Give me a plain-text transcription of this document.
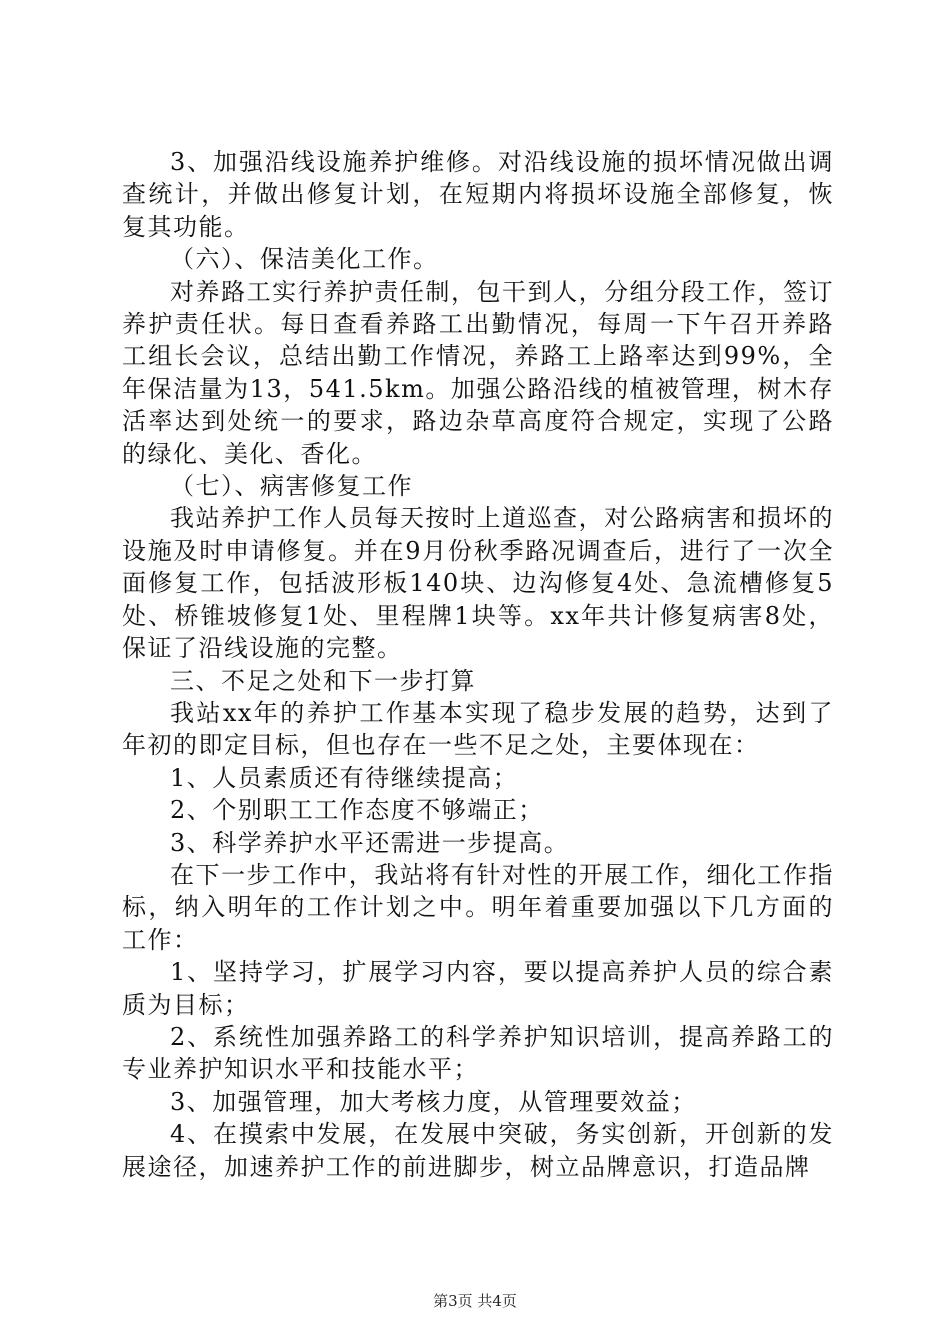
3、加强沿线设施养护维修。对沿线设施的损坏情况做出调查统计，并做出修复计划，在短期内将损坏设施全部修复，恢复其功能。

（六）、保洁美化工作。

对养路工实行养护责任制，包干到人，分组分段工作，签订养护责任状。每日查看养路工出勤情况，每周一下午召开养路工组长会议，总结出勤工作情况，养路工上路率达到99%，全年保洁量为13，541.5km。加强公路沿线的植被管理，树木存活率达到处统一的要求，路边杂草高度符合规定，实现了公路的绿化、美化、香化。

（七）、病害修复工作

我站养护工作人员每天按时上道巡查，对公路病害和损坏的设施及时申请修复。并在9月份秋季路况调查后，进行了一次全面修复工作，包括波形板140块、边沟修复4处、急流槽修复5处、桥锥坡修复1处、里程牌1块等。xx年共计修复病害8处，保证了沿线设施的完整。

三、不足之处和下一步打算

我站xx年的养护工作基本实现了稳步发展的趋势，达到了年初的即定目标，但也存在一些不足之处，主要体现在：

1、人员素质还有待继续提高；

2、个别职工工作态度不够端正；

3、科学养护水平还需进一步提高。

在下一步工作中，我站将有针对性的开展工作，细化工作指标，纳入明年的工作计划之中。明年着重要加强以下几方面的工作：

1、坚持学习，扩展学习内容，要以提高养护人员的综合素质为目标；

2、系统性加强养路工的科学养护知识培训，提高养路工的专业养护知识水平和技能水平；

3、加强管理，加大考核力度，从管理要效益；

4、在摸索中发展，在发展中突破，务实创新，开创新的发展途径，加速养护工作的前进脚步，树立品牌意识，打造品牌

第3页 共4页
